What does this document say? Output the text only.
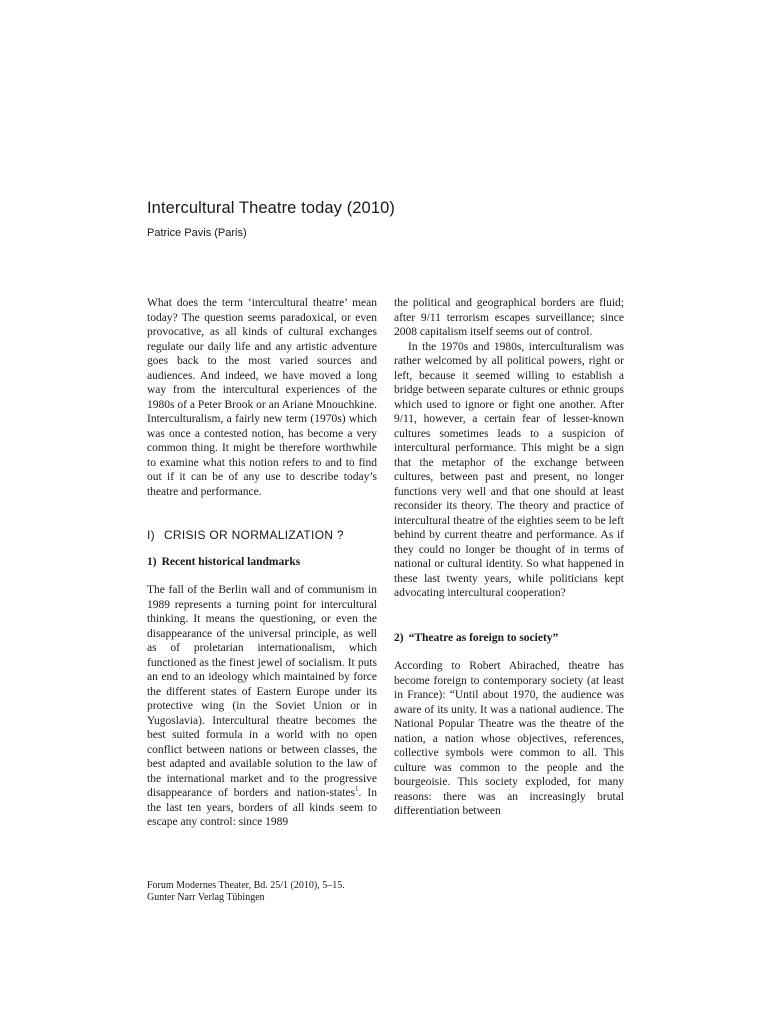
Intercultural Theatre today (2010)

Patrice Pavis (Paris)

What does the term ‘intercultural theatre’ mean today? The question seems paradoxical, or even provocative, as all kinds of cultural exchanges regulate our daily life and any artistic adventure goes back to the most varied sources and audiences. And indeed, we have moved a long way from the intercultural experiences of the 1980s of a Peter Brook or an Ariane Mnouchkine. Interculturalism, a fairly new term (1970s) which was once a contested notion, has become a very common thing. It might be therefore worthwhile to examine what this notion refers to and to find out if it can be of any use to describe today’s theatre and performance.

I) CRISIS OR NORMALIZATION ?
1) Recent historical landmarks

The fall of the Berlin wall and of communism in 1989 represents a turning point for intercultural thinking. It means the questioning, or even the disappearance of the universal principle, as well as of proletarian internationalism, which functioned as the finest jewel of socialism. It puts an end to an ideology which maintained by force the different states of Eastern Europe under its protective wing (in the Soviet Union or in Yugoslavia). Intercultural theatre becomes the best suited formula in a world with no open conflict between nations or between classes, the best adapted and available solution to the law of the international market and to the progressive disappearance of borders and nation-states$^1$. In the last ten years, borders of all kinds seem to escape any control: since 1989

the political and geographical borders are fluid; after 9/11 terrorism escapes surveillance; since 2008 capitalism itself seems out of control.

In the 1970s and 1980s, interculturalism was rather welcomed by all political powers, right or left, because it seemed willing to establish a bridge between separate cultures or ethnic groups which used to ignore or fight one another. After 9/11, however, a certain fear of lesser-known cultures sometimes leads to a suspicion of intercultural performance. This might be a sign that the metaphor of the exchange between cultures, between past and present, no longer functions very well and that one should at least reconsider its theory. The theory and practice of intercultural theatre of the eighties seem to be left behind by current theatre and performance. As if they could no longer be thought of in terms of national or cultural identity. So what happened in these last twenty years, while politicians kept advocating intercultural cooperation?

2) “Theatre as foreign to society”

According to Robert Abirached, theatre has become foreign to contemporary society (at least in France): “Until about 1970, the audience was aware of its unity. It was a national audience. The National Popular Theatre was the theatre of the nation, a nation whose objectives, references, collective symbols were common to all. This culture was common to the people and the bourgeoisie. This society exploded, for many reasons: there was an increasingly brutal differentiation between

Forum Modernes Theater, Bd. 25/1 (2010), 5–15.
Gunter Narr Verlag Tübingen
